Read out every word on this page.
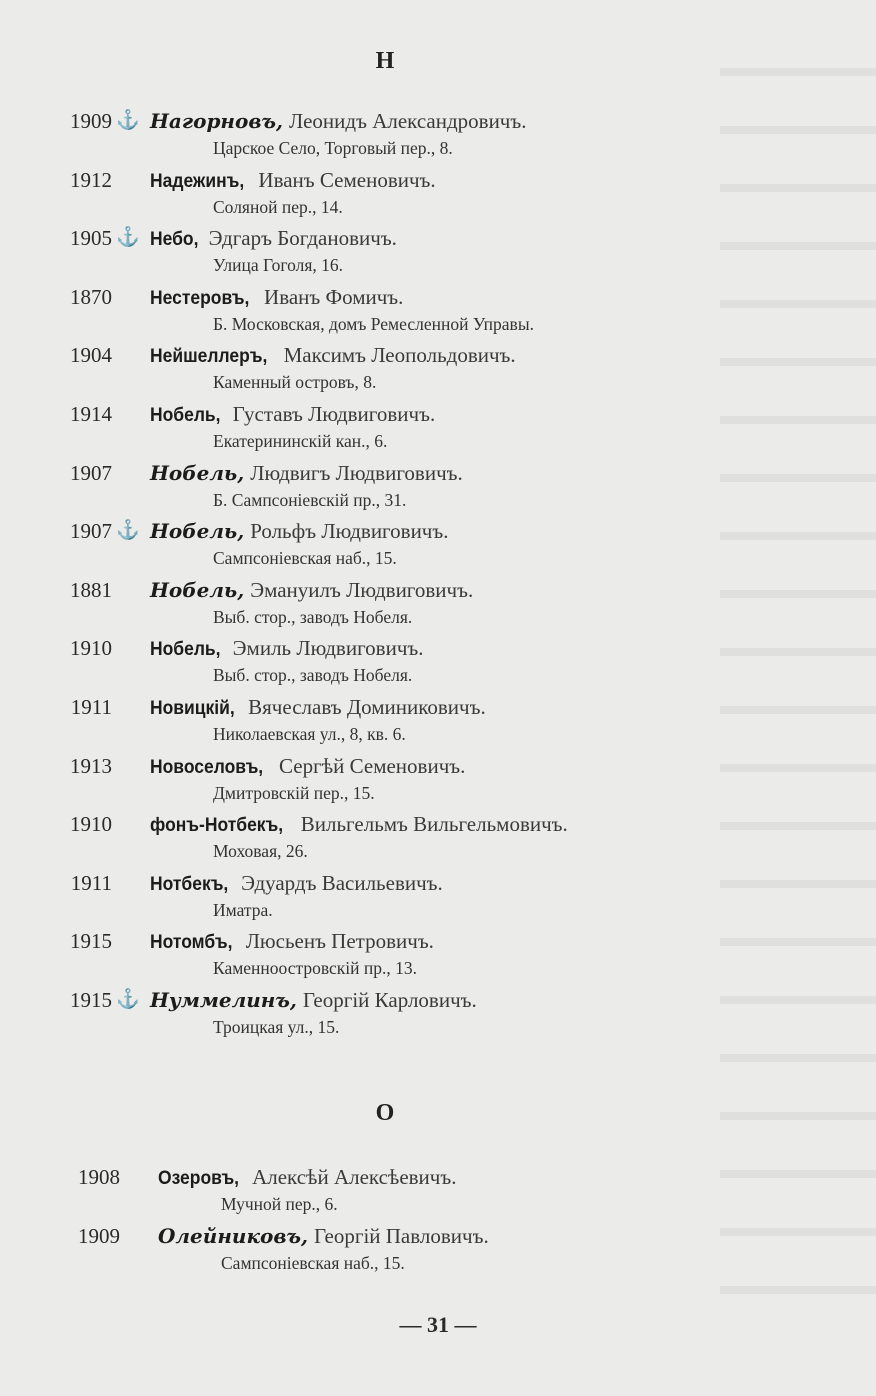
Н
1909 ⚓ Нагорновъ, Леонидъ Александровичъ.
Царское Село, Торговый пер., 8.
1912 Надежинъ, Иванъ Семеновичъ.
Соляной пер., 14.
1905 ⚓ Небо, Эдгаръ Богдановичъ.
Улица Гоголя, 16.
1870 Нестеровъ, Иванъ Фомичъ.
Б. Московская, домъ Ремесленной Управы.
1904 Нейшеллеръ, Максимъ Леопольдовичъ.
Каменный островъ, 8.
1914 Нобель, Густавъ Людвиговичъ.
Екатерининскій кан., 6.
1907 Нобель, Людвигъ Людвиговичъ.
Б. Сампсоніевскій пр., 31.
1907 ⚓ Нобель, Рольфъ Людвиговичъ.
Сампсоніевская наб., 15.
1881 Нобель, Эмануилъ Людвиговичъ.
Выб. стор., заводъ Нобеля.
1910 Нобель, Эмиль Людвиговичъ.
Выб. стор., заводъ Нобеля.
1911 Новицкій, Вячеславъ Доминиковичъ.
Николаевская ул., 8, кв. 6.
1913 Новоселовъ, Сергѣй Семеновичъ.
Дмитровскій пер., 15.
1910 фонъ-Нотбекъ, Вильгельмъ Вильгельмовичъ.
Моховая, 26.
1911 Нотбекъ, Эдуардъ Васильевичъ.
Иматра.
1915 Нотомбъ, Люсьенъ Петровичъ.
Каменноостровскій пр., 13.
1915 ⚓ Нуммелинъ, Георгій Карловичъ.
Троицкая ул., 15.
О
1908 Озеровъ, Алексѣй Алексѣевичъ.
Мучной пер., 6.
1909 Олейниковъ, Георгій Павловичъ.
Сампсоніевская наб., 15.
— 31 —
